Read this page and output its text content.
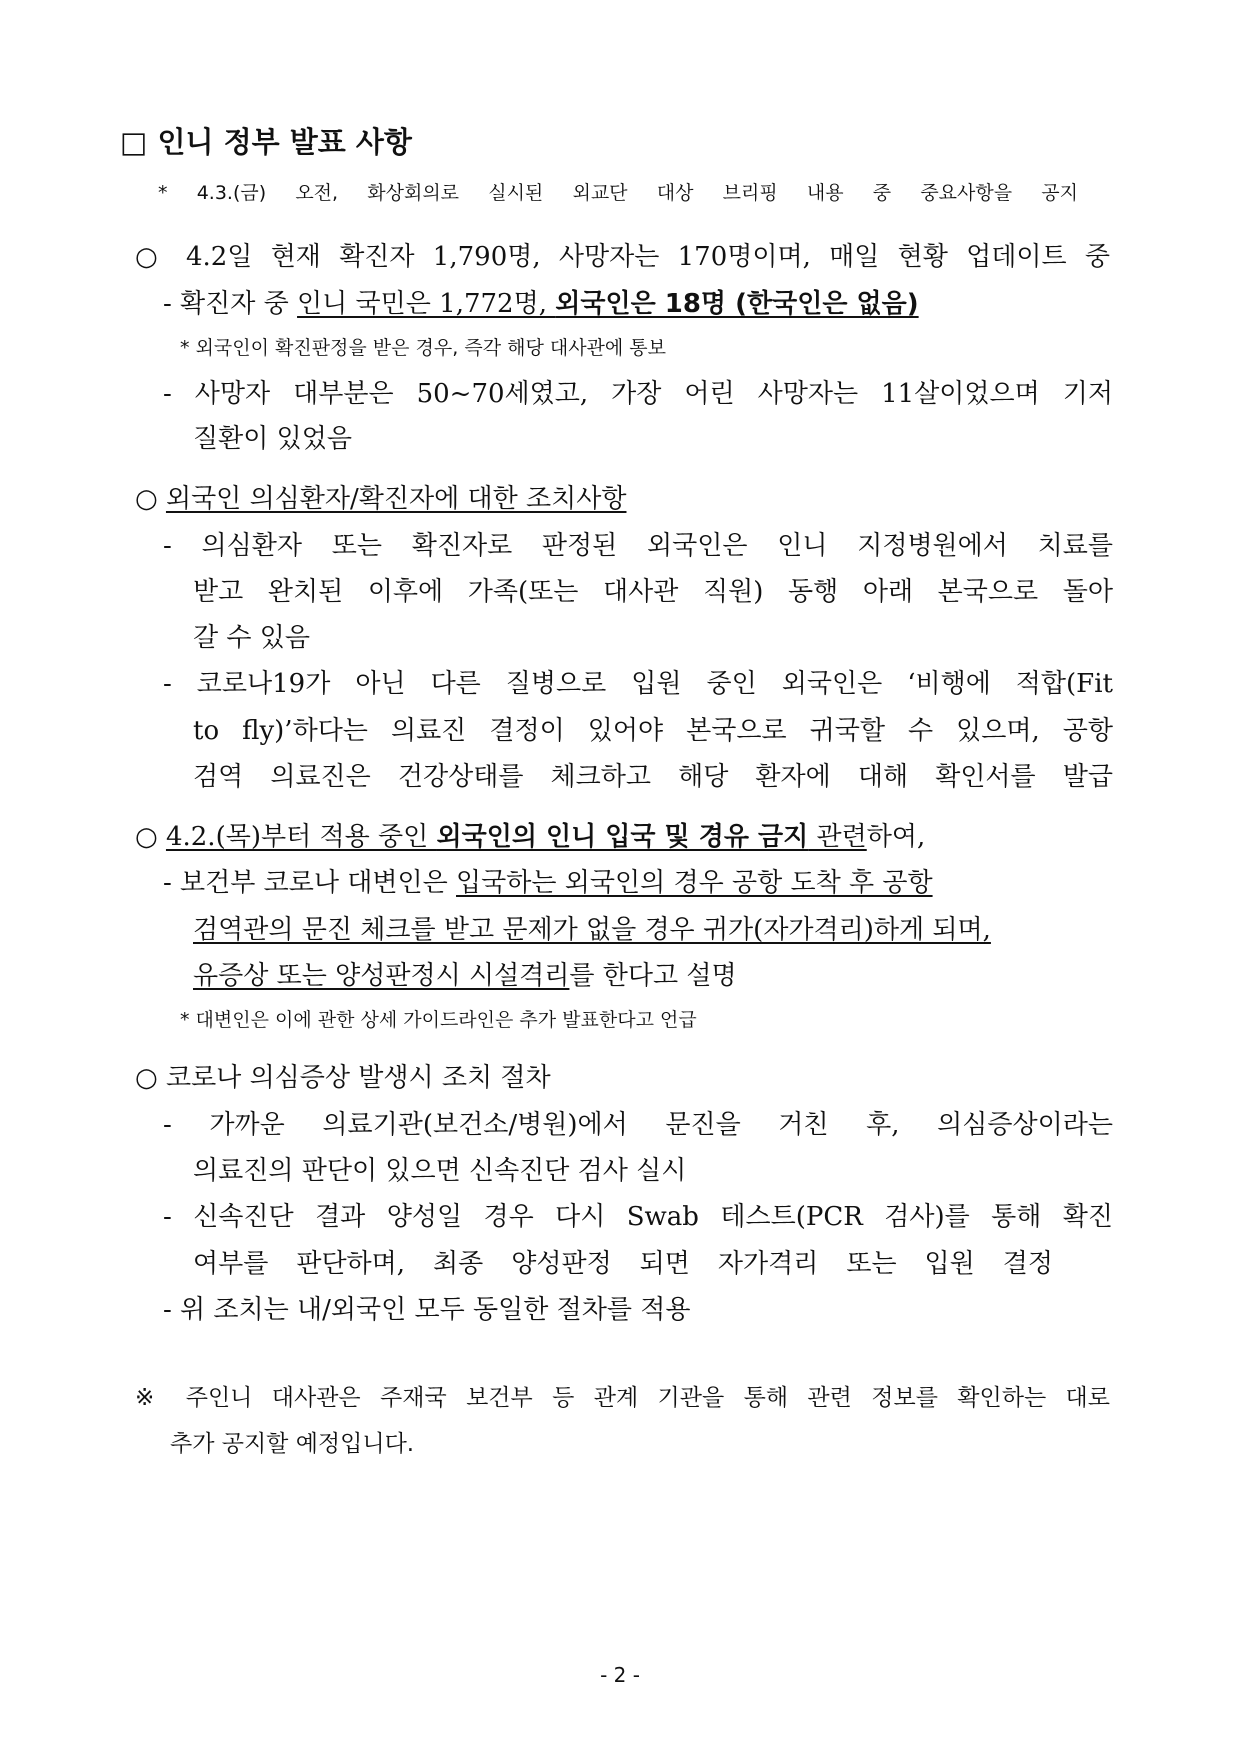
□ 인니 정부 발표 사항
* 4.3.(금) 오전, 화상회의로 실시된 외교단 대상 브리핑 내용 중 중요사항을 공지
○ 4.2일 현재 확진자 1,790명, 사망자는 170명이며, 매일 현황 업데이트 중
- 확진자 중 인니 국민은 1,772명, 외국인은 18명 (한국인은 없음)
* 외국인이 확진판정을 받은 경우, 즉각 해당 대사관에 통보
- 사망자 대부분은 50~70세였고, 가장 어린 사망자는 11살이었으며 기저
질환이 있었음
○ 외국인 의심환자/확진자에 대한 조치사항
- 의심환자 또는 확진자로 판정된 외국인은 인니 지정병원에서 치료를
받고 완치된 이후에 가족(또는 대사관 직원) 동행 아래 본국으로 돌아
갈 수 있음
- 코로나19가 아닌 다른 질병으로 입원 중인 외국인은 ‘비행에 적합(Fit
to fly)’하다는 의료진 결정이 있어야 본국으로 귀국할 수 있으며, 공항
검역 의료진은 건강상태를 체크하고 해당 환자에 대해 확인서를 발급
○ 4.2.(목)부터 적용 중인 외국인의 인니 입국 및 경유 금지 관련하여,
- 보건부 코로나 대변인은 입국하는 외국인의 경우 공항 도착 후 공항
검역관의 문진 체크를 받고 문제가 없을 경우 귀가(자가격리)하게 되며,
유증상 또는 양성판정시 시설격리를 한다고 설명
* 대변인은 이에 관한 상세 가이드라인은 추가 발표한다고 언급
○ 코로나 의심증상 발생시 조치 절차
- 가까운 의료기관(보건소/병원)에서 문진을 거친 후, 의심증상이라는
의료진의 판단이 있으면 신속진단 검사 실시
- 신속진단 결과 양성일 경우 다시 Swab 테스트(PCR 검사)를 통해 확진
여부를 판단하며, 최종 양성판정 되면 자가격리 또는 입원 결정
- 위 조치는 내/외국인 모두 동일한 절차를 적용
※ 주인니 대사관은 주재국 보건부 등 관계 기관을 통해 관련 정보를 확인하는 대로
추가 공지할 예정입니다.
- 2 -
